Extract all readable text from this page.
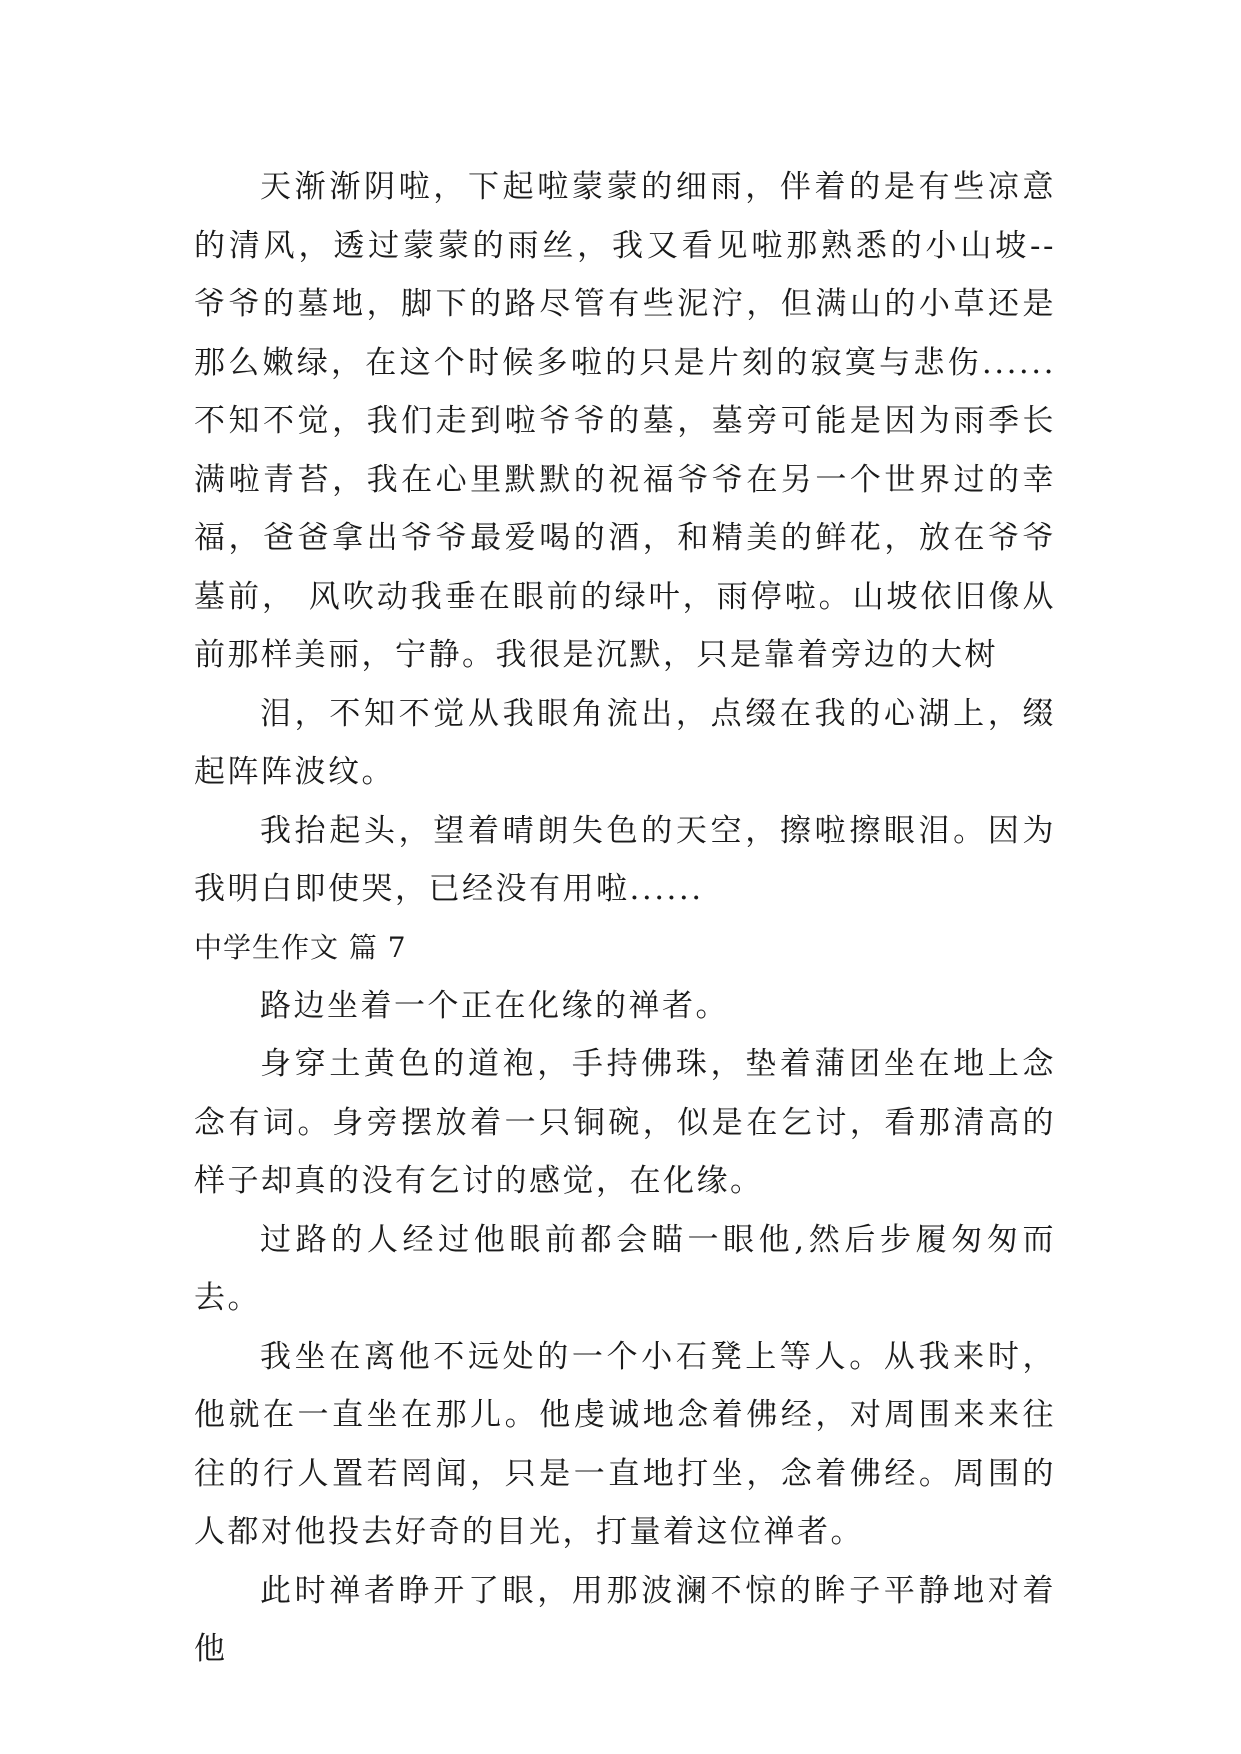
天渐渐阴啦，下起啦蒙蒙的细雨，伴着的是有些凉意的清风，透过蒙蒙的雨丝，我又看见啦那熟悉的小山坡--爷爷的墓地，脚下的路尽管有些泥泞，但满山的小草还是那么嫩绿，在这个时候多啦的只是片刻的寂寞与悲伤......不知不觉，我们走到啦爷爷的墓，墓旁可能是因为雨季长满啦青苔，我在心里默默的祝福爷爷在另一个世界过的幸福，爸爸拿出爷爷最爱喝的酒，和精美的鲜花，放在爷爷墓前， 风吹动我垂在眼前的绿叶，雨停啦。山坡依旧像从前那样美丽，宁静。我很是沉默，只是靠着旁边的大树

泪，不知不觉从我眼角流出，点缀在我的心湖上，缀起阵阵波纹。

我抬起头，望着晴朗失色的天空，擦啦擦眼泪。因为我明白即使哭，已经没有用啦......

中学生作文 篇 7

路边坐着一个正在化缘的禅者。

身穿土黄色的道袍，手持佛珠，垫着蒲团坐在地上念念有词。身旁摆放着一只铜碗，似是在乞讨，看那清高的样子却真的没有乞讨的感觉，在化缘。

过路的人经过他眼前都会瞄一眼他,然后步履匆匆而去。

我坐在离他不远处的一个小石凳上等人。从我来时，他就在一直坐在那儿。他虔诚地念着佛经，对周围来来往往的行人置若罔闻，只是一直地打坐，念着佛经。周围的人都对他投去好奇的目光，打量着这位禅者。

此时禅者睁开了眼，用那波澜不惊的眸子平静地对着他
